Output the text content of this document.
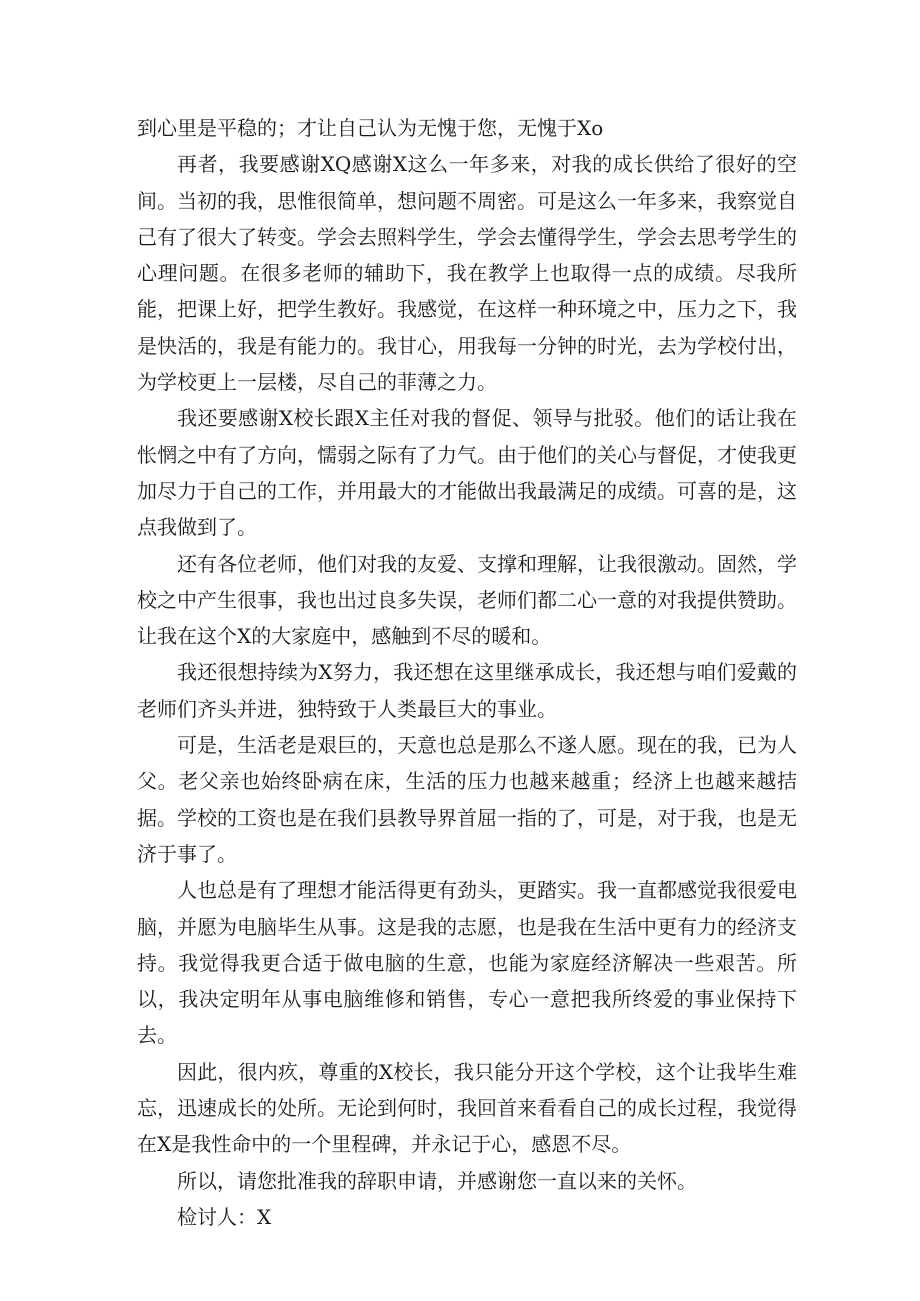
到心里是平稳的；才让自己认为无愧于您，无愧于Xo

再者，我要感谢XQ感谢X这么一年多来，对我的成长供给了很好的空间。当初的我，思惟很简单，想问题不周密。可是这么一年多来，我察觉自己有了很大了转变。学会去照料学生，学会去懂得学生，学会去思考学生的心理问题。在很多老师的辅助下，我在教学上也取得一点的成绩。尽我所能，把课上好，把学生教好。我感觉，在这样一种环境之中，压力之下，我是快活的，我是有能力的。我甘心，用我每一分钟的时光，去为学校付出，为学校更上一层楼，尽自己的菲薄之力。

我还要感谢X校长跟X主任对我的督促、领导与批驳。他们的话让我在怅惘之中有了方向，懦弱之际有了力气。由于他们的关心与督促，才使我更加尽力于自己的工作，并用最大的才能做出我最满足的成绩。可喜的是，这点我做到了。

还有各位老师，他们对我的友爱、支撑和理解，让我很激动。固然，学校之中产生很事，我也出过良多失误，老师们都二心一意的对我提供赞助。让我在这个X的大家庭中，感触到不尽的暖和。

我还很想持续为X努力，我还想在这里继承成长，我还想与咱们爱戴的老师们齐头并进，独特致于人类最巨大的事业。

可是，生活老是艰巨的，天意也总是那么不遂人愿。现在的我，已为人父。老父亲也始终卧病在床，生活的压力也越来越重；经济上也越来越拮据。学校的工资也是在我们县教导界首屈一指的了，可是，对于我，也是无济于事了。

人也总是有了理想才能活得更有劲头，更踏实。我一直都感觉我很爱电脑，并愿为电脑毕生从事。这是我的志愿，也是我在生活中更有力的经济支持。我觉得我更合适于做电脑的生意，也能为家庭经济解决一些艰苦。所以，我决定明年从事电脑维修和销售，专心一意把我所终爱的事业保持下去。

因此，很内疚，尊重的X校长，我只能分开这个学校，这个让我毕生难忘，迅速成长的处所。无论到何时，我回首来看看自己的成长过程，我觉得在X是我性命中的一个里程碑，并永记于心，感恩不尽。

所以，请您批准我的辞职申请，并感谢您一直以来的关怀。

检讨人：X
